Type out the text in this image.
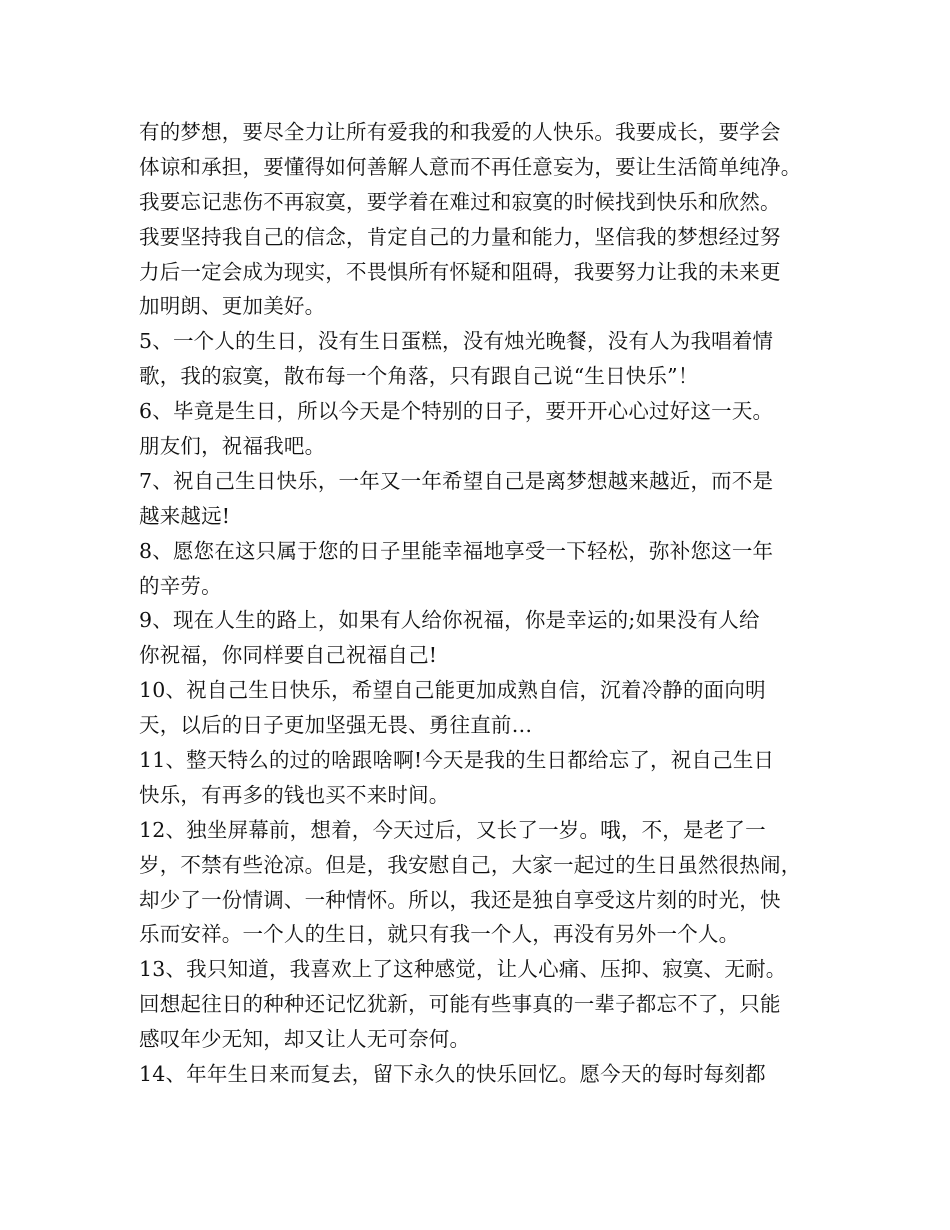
有的梦想，要尽全力让所有爱我的和我爱的人快乐。我要成长，要学会
体谅和承担，要懂得如何善解人意而不再任意妄为，要让生活简单纯净。
我要忘记悲伤不再寂寞，要学着在难过和寂寞的时候找到快乐和欣然。
我要坚持我自己的信念，肯定自己的力量和能力，坚信我的梦想经过努
力后一定会成为现实，不畏惧所有怀疑和阻碍，我要努力让我的未来更
加明朗、更加美好。
5、一个人的生日，没有生日蛋糕，没有烛光晚餐，没有人为我唱着情
歌，我的寂寞，散布每一个角落，只有跟自己说“生日快乐”！
6、毕竟是生日，所以今天是个特别的日子，要开开心心过好这一天。
朋友们，祝福我吧。
7、祝自己生日快乐，一年又一年希望自己是离梦想越来越近，而不是
越来越远!
8、愿您在这只属于您的日子里能幸福地享受一下轻松，弥补您这一年
的辛劳。
9、现在人生的路上，如果有人给你祝福，你是幸运的;如果没有人给
你祝福，你同样要自己祝福自己!
10、祝自己生日快乐，希望自己能更加成熟自信，沉着冷静的面向明
天，以后的日子更加坚强无畏、勇往直前…
11、整天特么的过的啥跟啥啊!今天是我的生日都给忘了，祝自己生日
快乐，有再多的钱也买不来时间。
12、独坐屏幕前，想着，今天过后，又长了一岁。哦，不，是老了一
岁，不禁有些沧凉。但是，我安慰自己，大家一起过的生日虽然很热闹，
却少了一份情调、一种情怀。所以，我还是独自享受这片刻的时光，快
乐而安祥。一个人的生日，就只有我一个人，再没有另外一个人。
13、我只知道，我喜欢上了这种感觉，让人心痛、压抑、寂寞、无耐。
回想起往日的种种还记忆犹新，可能有些事真的一辈子都忘不了，只能
感叹年少无知，却又让人无可奈何。
14、年年生日来而复去，留下永久的快乐回忆。愿今天的每时每刻都
